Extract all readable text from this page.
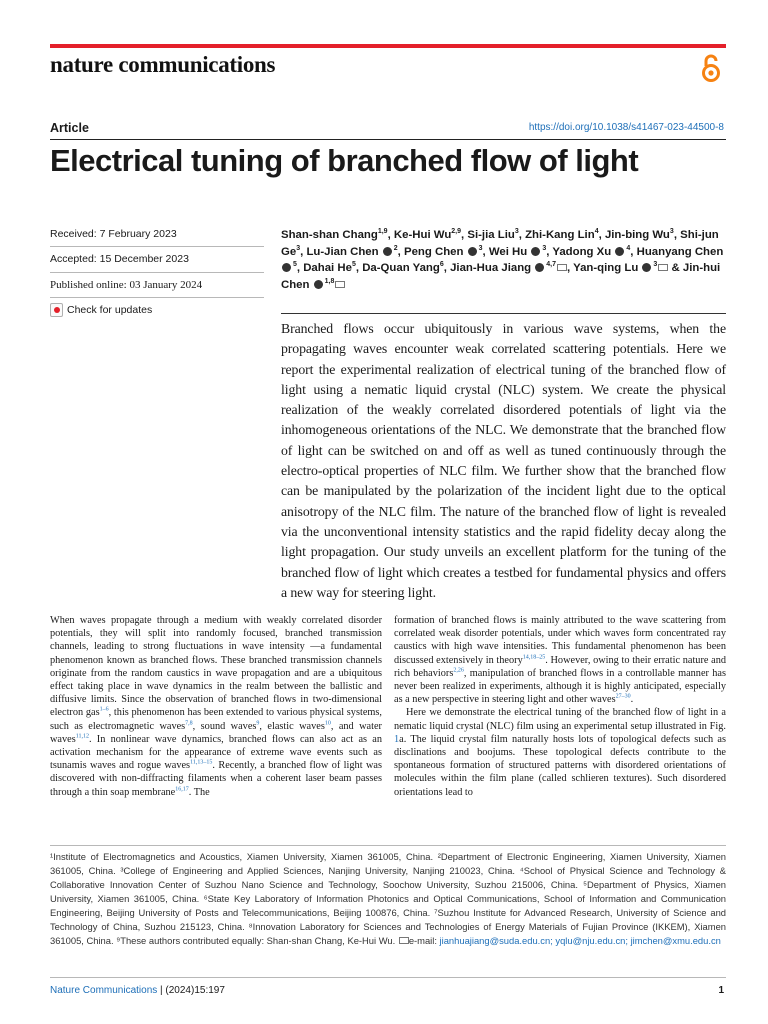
nature communications
Article	https://doi.org/10.1038/s41467-023-44500-8
Electrical tuning of branched flow of light
Received: 7 February 2023
Accepted: 15 December 2023
Published online: 03 January 2024
Check for updates
Shan-shan Chang$^{1,9}$, Ke-Hui Wu$^{2,9}$, Si-jia Liu$^3$, Zhi-Kang Lin$^4$, Jin-bing Wu$^3$, Shi-jun Ge$^3$, Lu-Jian Chen  $^2$, Peng Chen  $^3$, Wei Hu  $^3$, Yadong Xu  $^4$, Huanyang Chen  $^5$, Dahai He$^5$, Da-Quan Yang$^6$, Jian-Hua Jiang  $^{4,7}$ , Yan-qing Lu  $^3$ & Jin-hui Chen  $^{1,8}$

Branched flows occur ubiquitously in various wave systems, when the propagating waves encounter weak correlated scattering potentials. Here we report the experimental realization of electrical tuning of the branched flow of light using a nematic liquid crystal (NLC) system. We create the physical realization of the weakly correlated disordered potentials of light via the inhomogeneous orientations of the NLC. We demonstrate that the branched flow of light can be switched on and off as well as tuned continuously through the electro-optical properties of NLC film. We further show that the branched flow can be manipulated by the polarization of the incident light due to the optical anisotropy of the NLC film. The nature of the branched flow of light is revealed via the unconventional intensity statistics and the rapid fidelity decay along the light propagation. Our study unveils an excellent platform for the tuning of the branched flow of light which creates a testbed for fundamental physics and offers a new way for steering light.

When waves propagate through a medium with weakly correlated disorder potentials, they will split into randomly focused, branched transmission channels, leading to strong fluctuations in wave intensity —a fundamental phenomenon known as branched flows. These branched transmission channels originate from the random caustics in wave propagation and are a ubiquitous effect taking place in wave dynamics in the realm between the ballistic and diffusive limits. Since the observation of branched flows in two-dimensional electron gas$^{1-6}$, this phenomenon has been extended to various physical systems, such as electromagnetic waves$^{7,8}$, sound waves$^9$, elastic waves$^{10}$, and water waves$^{11,12}$. In nonlinear wave dynamics, branched flows can also act as an activation mechanism for the appearance of extreme wave events such as tsunamis waves and rogue waves$^{11,13-15}$. Recently, a branched flow of light was discovered with non-diffracting filaments when a coherent laser beam passes through a thin soap membrane$^{16,17}$. The

formation of branched flows is mainly attributed to the wave scattering from correlated weak disorder potentials, under which waves form concentrated ray caustics with high wave intensities. This fundamental phenomenon has been discussed extensively in theory$^{14,18-25}$. However, owing to their erratic nature and rich behaviors$^{2,26}$, manipulation of branched flows in a controllable manner has never been realized in experiments, although it is highly anticipated, especially as a new perspective in steering light and other waves$^{27-30}$.

Here we demonstrate the electrical tuning of the branched flow of light in a nematic liquid crystal (NLC) film using an experimental setup illustrated in Fig. 1a. The liquid crystal film naturally hosts lots of topological defects such as disclinations and boojums. These topological defects contribute to the spontaneous formation of structured patterns with disordered orientations of molecules within the film plane (called schlieren textures). Such disordered orientations lead to

¹Institute of Electromagnetics and Acoustics, Xiamen University, Xiamen 361005, China. ²Department of Electronic Engineering, Xiamen University, Xiamen 361005, China. ³College of Engineering and Applied Sciences, Nanjing University, Nanjing 210023, China. ⁴School of Physical Science and Technology & Collaborative Innovation Center of Suzhou Nano Science and Technology, Soochow University, Suzhou 215006, China. ⁵Department of Physics, Xiamen University, Xiamen 361005, China. ⁶State Key Laboratory of Information Photonics and Optical Communications, School of Information and Communication Engineering, Beijing University of Posts and Telecommunications, Beijing 100876, China. ⁷Suzhou Institute for Advanced Research, University of Science and Technology of China, Suzhou 215123, China. ⁸Innovation Laboratory for Sciences and Technologies of Energy Materials of Fujian Province (IKKEM), Xiamen 361005, China. ⁹These authors contributed equally: Shan-shan Chang, Ke-Hui Wu. e-mail: jianhuajiang@suda.edu.cn; yqlu@nju.edu.cn; jimchen@xmu.edu.cn
Nature Communications | (2024)15:197	1
